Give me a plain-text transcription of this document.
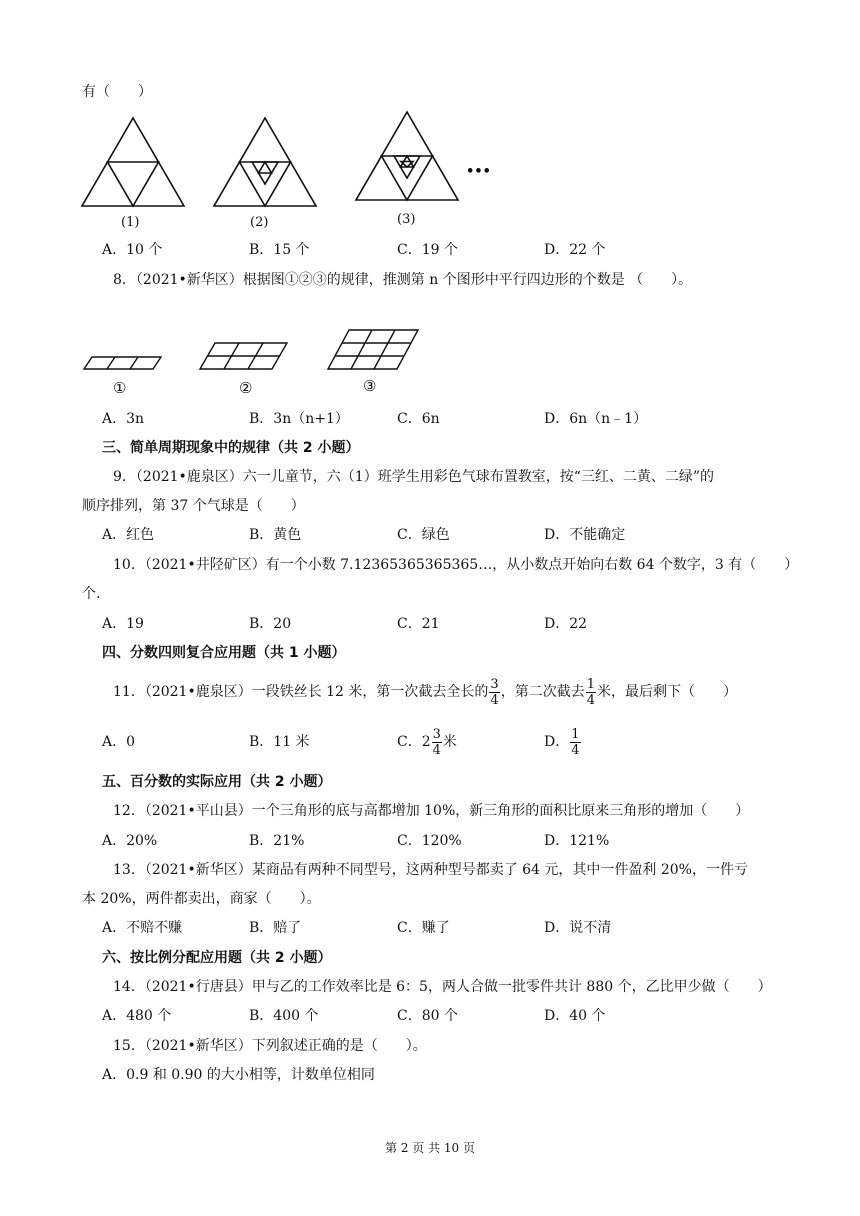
有（　　）
•••
(1)	(2)	(3)
A．10 个	B．15 个	C．19 个	D．22 个
8．（2021•新华区）根据图①②③的规律，推测第 n 个图形中平行四边形的个数是 （　　）。
①	②	③
A．3n	B．3n（n+1）	C．6n	D．6n（n﹣1）
三、简单周期现象中的规律（共 2 小题）
9．（2021•鹿泉区）六一儿童节，六（1）班学生用彩色气球布置教室，按“三红、二黄、二绿”的
顺序排列，第 37 个气球是（　　）
A．红色	B．黄色	C．绿色	D．不能确定
10．（2021•井陉矿区）有一个小数 7.12365365365365…，从小数点开始向右数 64 个数字，3 有（　　）
个.
A．19	B．20	C．21	D．22
四、分数四则复合应用题（共 1 小题）
11．（2021•鹿泉区）一段铁丝长 12 米，第一次截去全长的 $\frac{3}{4}$ ，第二次截去 $\frac{1}{4}$ 米，最后剩下（　　）
A．0	B．11 米	C．$2 \frac{3}{4}$ 米	D． $\frac{1}{4}$
五、百分数的实际应用（共 2 小题）
12．（2021•平山县）一个三角形的底与高都增加 10%，新三角形的面积比原来三角形的增加（　　）
A．20%	B．21%	C．120%	D．121%
13．（2021•新华区）某商品有两种不同型号，这两种型号都卖了 64 元，其中一件盈利 20%，一件亏
本 20%，两件都卖出，商家（　　）。
A．不赔不赚	B．赔了	C．赚了	D．说不清
六、按比例分配应用题（共 2 小题）
14．（2021•行唐县）甲与乙的工作效率比是 6：5，两人合做一批零件共计 880 个，乙比甲少做（　　）
A．480 个	B．400 个	C．80 个	D．40 个
15．（2021•新华区）下列叙述正确的是（　　）。
A．0.9 和 0.90 的大小相等，计数单位相同
第 2 页 共 10 页
